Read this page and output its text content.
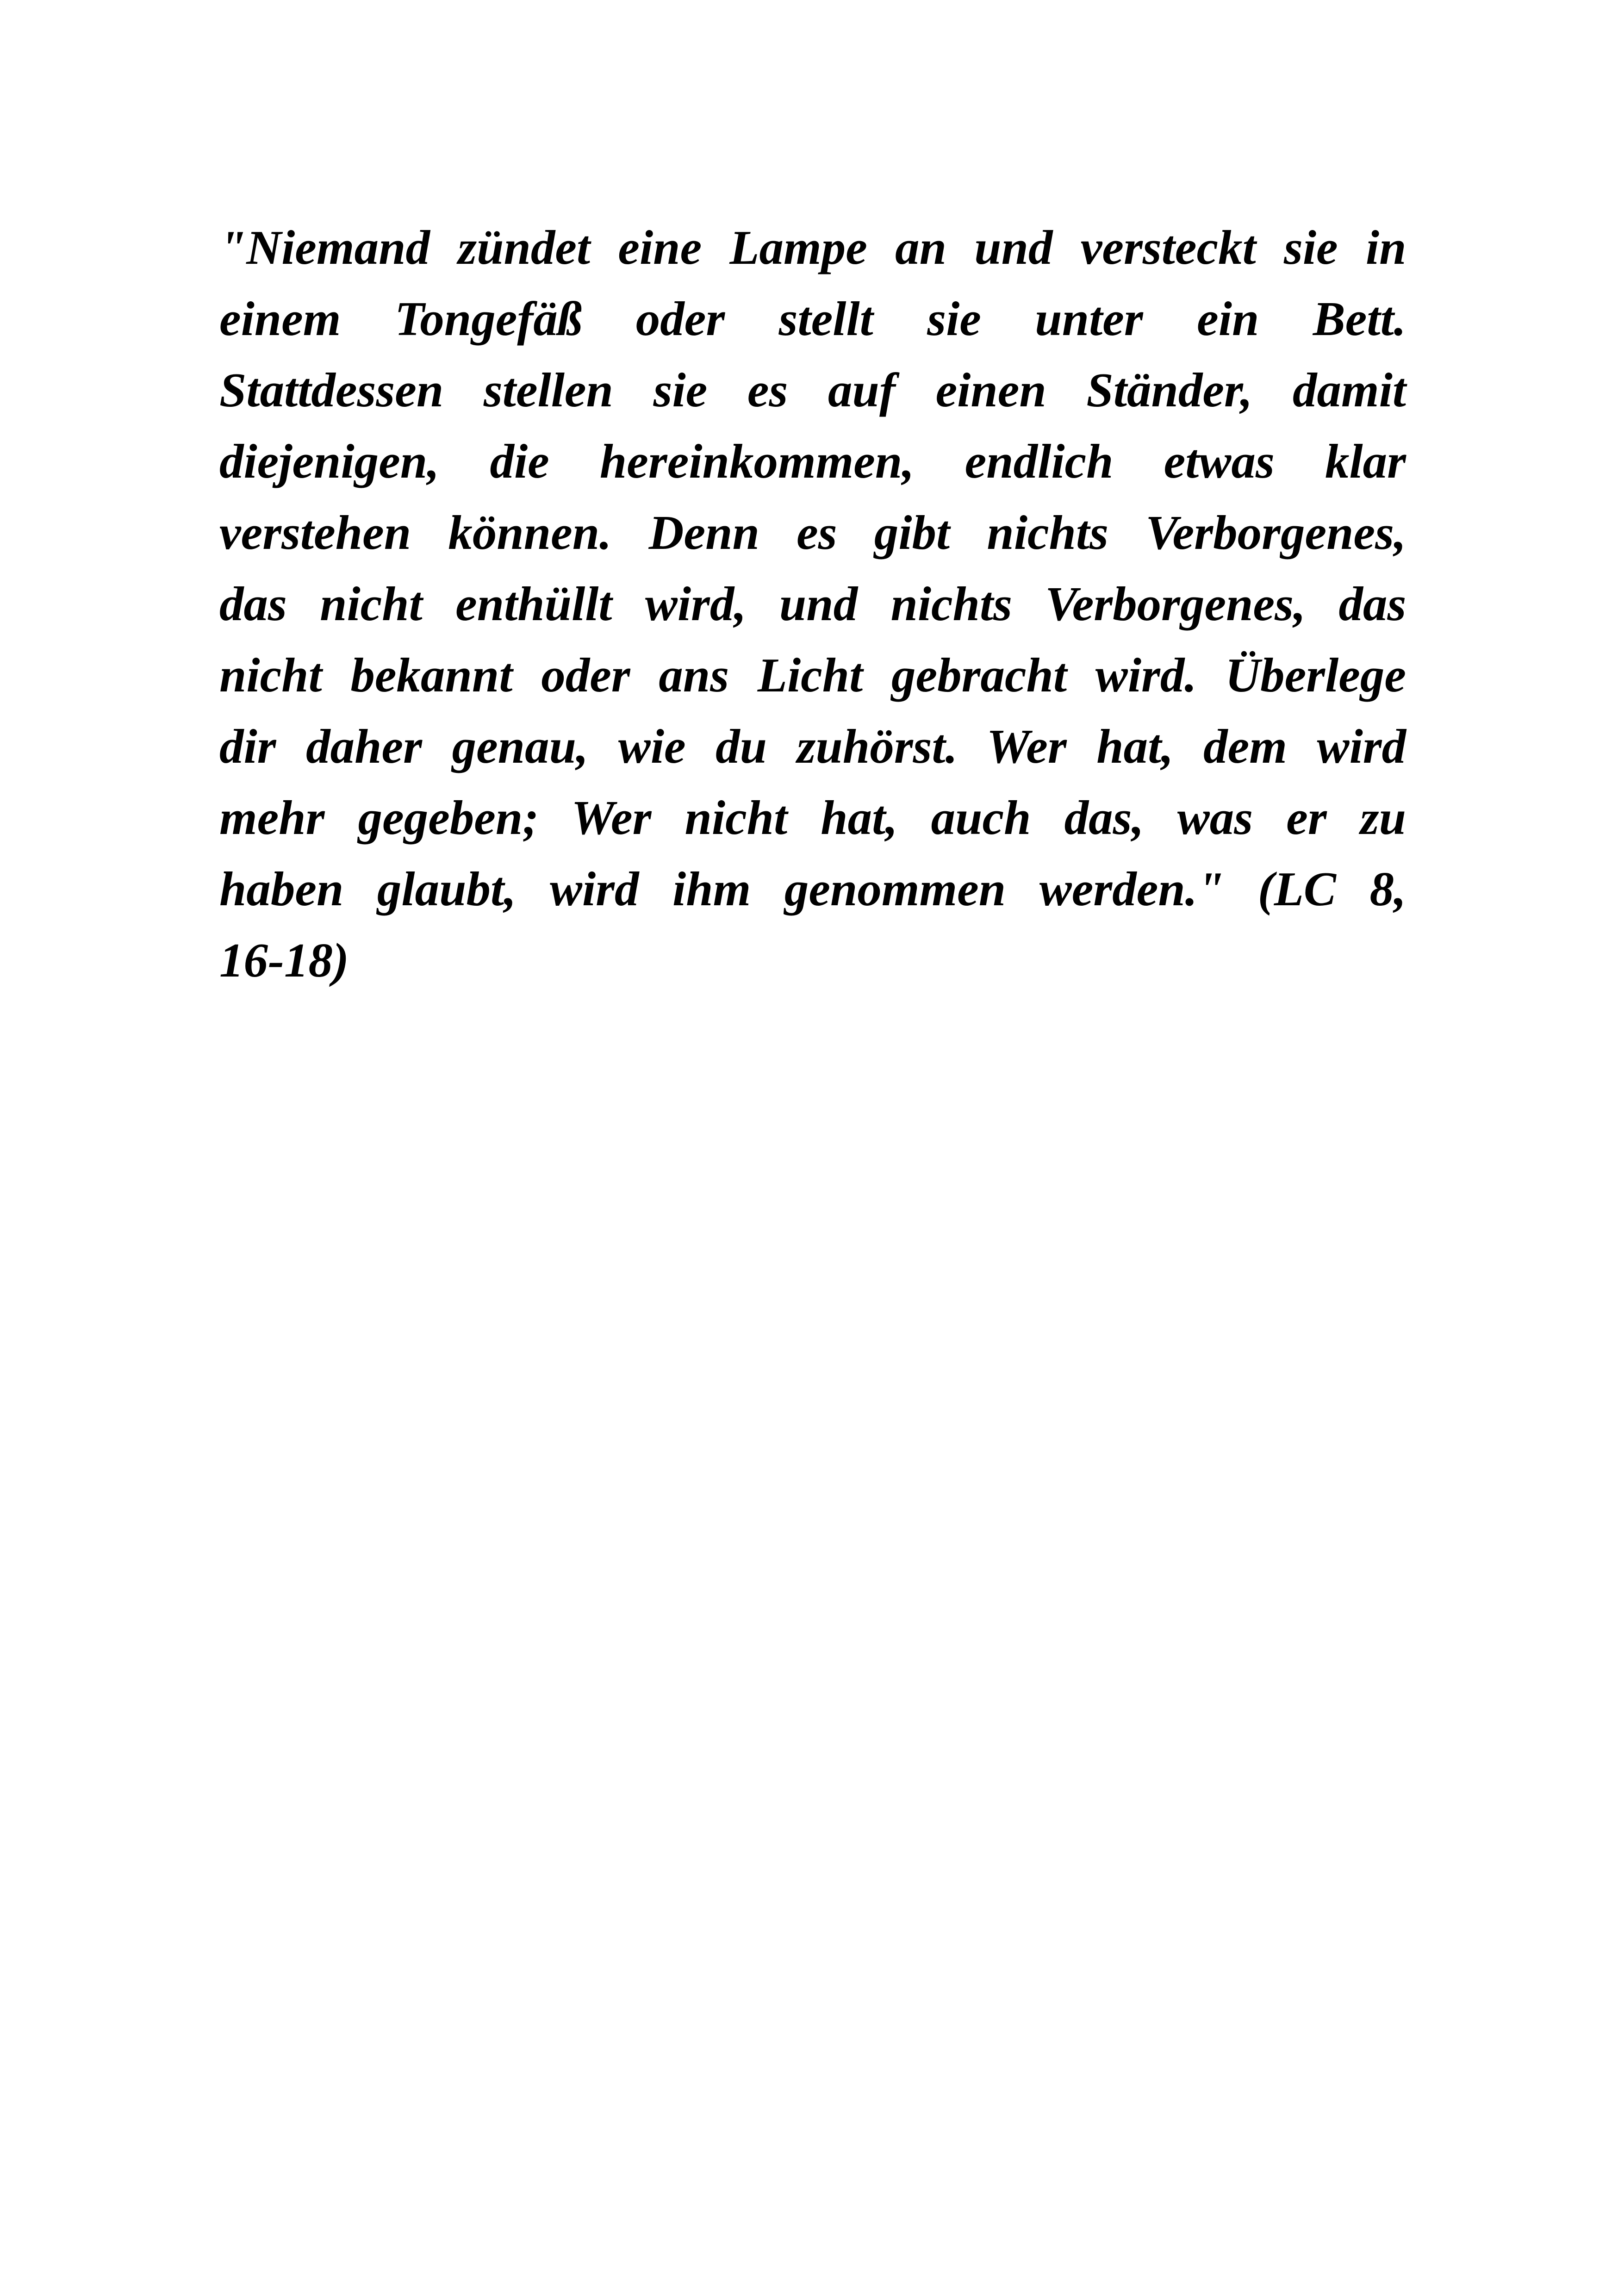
"Niemand zündet eine Lampe an und versteckt sie in
einem Tongefäß oder stellt sie unter ein Bett.
Stattdessen stellen sie es auf einen Ständer, damit
diejenigen, die hereinkommen, endlich etwas klar
verstehen können. Denn es gibt nichts Verborgenes,
das nicht enthüllt wird, und nichts Verborgenes, das
nicht bekannt oder ans Licht gebracht wird. Überlege
dir daher genau, wie du zuhörst. Wer hat, dem wird
mehr gegeben; Wer nicht hat, auch das, was er zu
haben glaubt, wird ihm genommen werden." (LC 8,
16-18)
